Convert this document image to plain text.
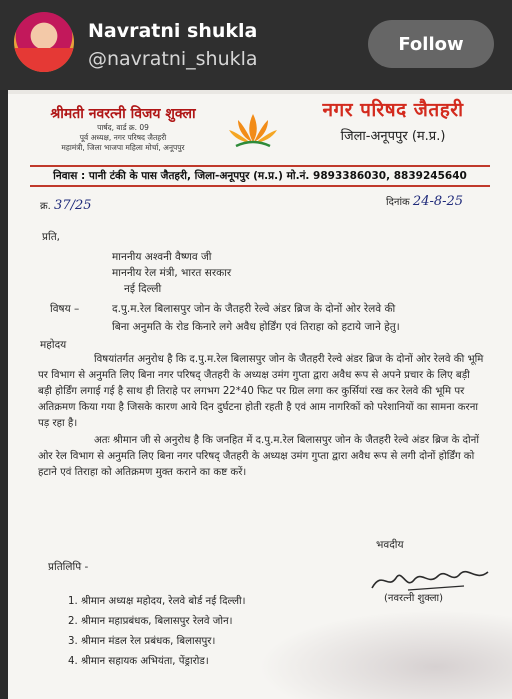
Navratni shukla
@navratni_shukla
Follow
श्रीमती नवरत्नी विजय शुक्ला
पार्षद, वार्ड क्र. 09
पूर्व अध्यक्ष, नगर परिषद जैतहरी
महामंत्री, जिला भाजपा महिला मोर्चा, अनूपपुर
नगर परिषद जैतहरी
जिला-अनूपपुर (म.प्र.)
निवास : पानी टंकी के पास जैतहरी, जिला-अनूपपुर (म.प्र.) मो.नं. 9893386030, 8839245640
क्र. 37/25	दिनांक 24-8-25
प्रति,
माननीय अश्वनी वैष्णव जी
माननीय रेल मंत्री, भारत सरकार
नई दिल्ली
विषय –	द.पु.म.रेल बिलासपुर जोन के जैतहरी रेल्वे अंडर ब्रिज के दोनों ओर रेलवे की
बिना अनुमति के रोड किनारे लगे अवैध होर्डिंग एवं तिराहा को हटाये जाने हेतु।
महोदय
विषयांतर्गत अनुरोध है कि द.पु.म.रेल बिलासपुर जोन के जैतहरी रेल्वे अंडर ब्रिज के दोनों ओर रेलवे की भूमि पर विभाग से अनुमति लिए बिना नगर परिषद् जैतहरी के अध्यक्ष उमंग गुप्ता द्वारा अवैध रूप से अपने प्रचार के लिए बड़ी बड़ी होर्डिंग लगाई गई है साथ ही तिराहे पर लगभग 22*40 फिट पर ग्रिल लगा कर कुर्सियां रख कर रेलवे की भूमि पर अतिक्रमण किया गया है जिसके कारण आये दिन दुर्घटना होती रहती है एवं आम नागरिकों को परेशानियों का सामना करना पड़ रहा है।
अतः श्रीमान जी से अनुरोध है कि जनहित में द.पु.म.रेल बिलासपुर जोन के जैतहरी रेल्वे अंडर ब्रिज के दोनों ओर रेल विभाग से अनुमति लिए बिना नगर परिषद् जैतहरी के अध्यक्ष उमंग गुप्ता द्वारा अवैध रूप से लगी दोनों होर्डिंग को हटाने एवं तिराहा को अतिक्रमण मुक्त कराने का कष्ट करें।
भवदीय
(नवरत्नी शुक्ला)
प्रतिलिपि -
1. श्रीमान अध्यक्ष महोदय, रेलवे बोर्ड नई दिल्ली।
2. श्रीमान महाप्रबंधक, बिलासपुर रेलवे जोन।
3. श्रीमान मंडल रेल प्रबंधक, बिलासपुर।
4. श्रीमान सहायक अभियंता, पेंड्रारोड।
